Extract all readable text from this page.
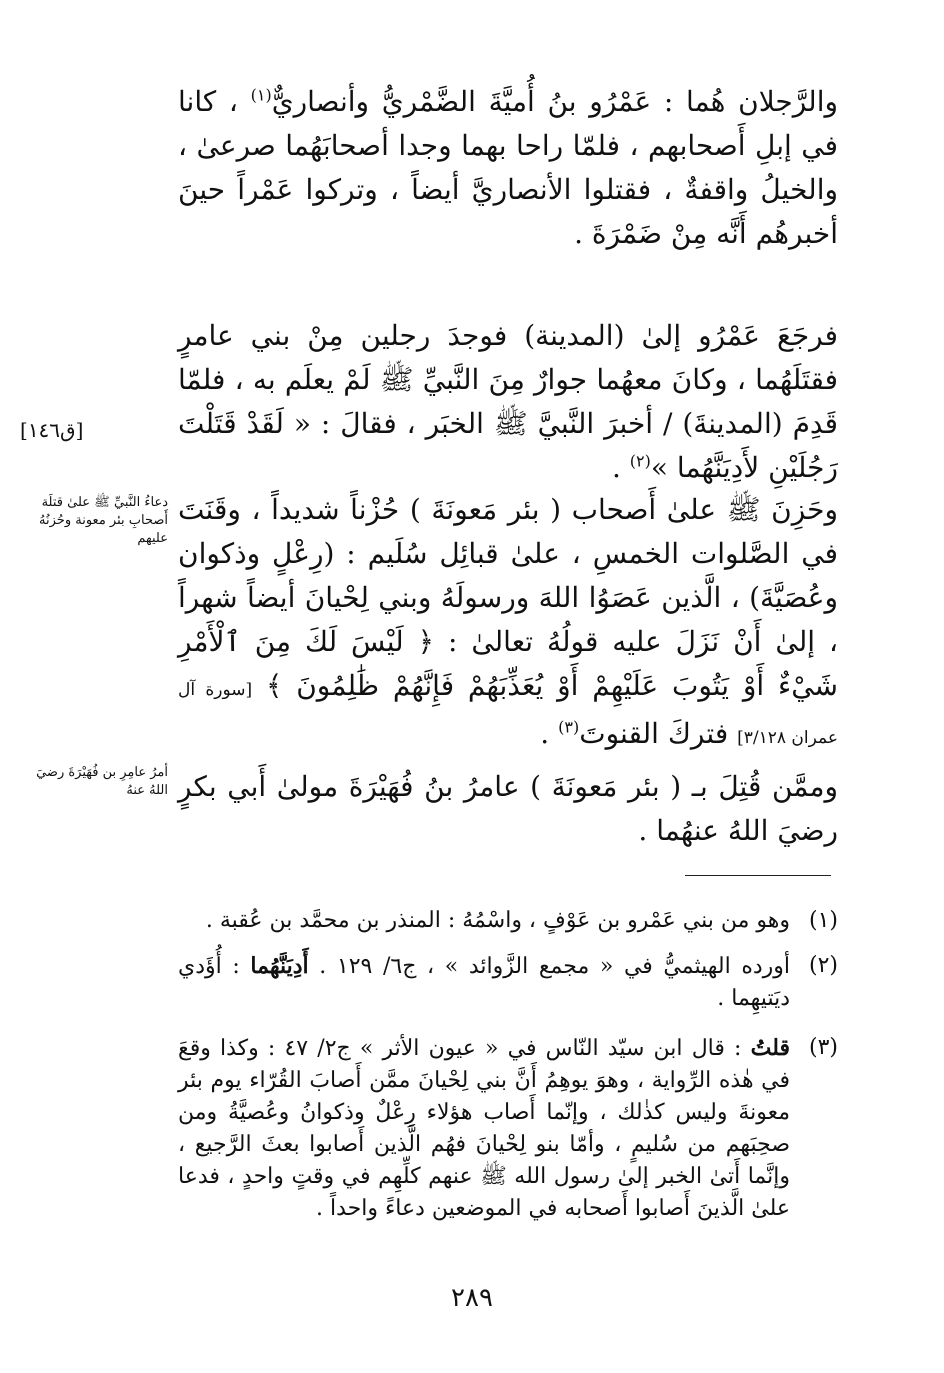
والرَّجلان هُما : عَمْرُو بنُ أُميَّةَ الضَّمْريُّ وأنصاريٌّ$^{(١)}$ ، كانا في إبلِ أَصحابهم ، فلمّا راحا بهما وجدا أصحابَهُما صرعىٰ ، والخيلُ واقفةٌ ، فقتلوا الأنصاريَّ أيضاً ، وتركوا عَمْراً حينَ أخبرهُم أَنَّه مِنْ ضَمْرَةَ .
فرجَعَ عَمْرُو إلىٰ (المدينة) فوجدَ رجلين مِنْ بني عامرٍ فقتَلَهُما ، وكانَ معهُما جوارٌ مِنَ النَّبيِّ ﷺ لَمْ يعلَم به ، فلمّا قَدِمَ (المدينةَ) / أخبرَ النَّبيَّ ﷺ الخبَر ، فقالَ : « لَقَدْ قَتَلْتَ رَجُلَيْنِ لأَدِيَنَّهُما »$^{(٢)}$ .
وحَزِنَ ﷺ علىٰ أَصحاب ( بئر مَعونَةَ ) حُزْناً شديداً ، وقَنَتَ في الصَّلوات الخمسِ ، علىٰ قبائِل سُلَيم : (رِعْلٍ وذكوان وعُصَيَّةَ) ، الَّذين عَصَوُا اللهَ ورسولَهُ وبني لِحْيانَ أيضاً شهراً ، إلىٰ أَنْ نَزَلَ عليه قولُهُ تعالىٰ : ﴿ لَيْسَ لَكَ مِنَ ٱلْأَمْرِ شَيْءٌ أَوْ يَتُوبَ عَلَيْهِمْ أَوْ يُعَذِّبَهُمْ فَإِنَّهُمْ ظَٰلِمُونَ ﴾ [سورة آل عمران ٣/١٢٨] فتركَ القنوتَ$^{(٣)}$ .
وممَّن قُتِلَ بـ ( بئر مَعونَةَ ) عامرُ بنُ فُهَيْرَةَ مولىٰ أَبي بكرٍ رضيَ اللهُ عنهُما .
[ق١٤٦]
دعاءُ النَّبيِّ ﷺ علىٰ قتلَة أَصحابِ بئر معونة وحُزنُهُ عليهم
أمرُ عامِرِ بن فُهَيْرَةَ رضيَ اللهُ عنهُ
(١)
وهو من بني عَمْرو بن عَوْفٍ ، واسْمُهُ : المنذر بن محمَّد بن عُقبة .
(٢)
أورده الهيثميُّ في « مجمع الزَّوائد » ، ج٦/ ١٢٩ . أَدِيَنَّهُما : أُؤَدي ديَتيهِما .
(٣)
قلتُ : قال ابن سيّد النّاس في « عيون الأثر » ج٢/ ٤٧ : وكذا وقعَ في هٰذه الرِّواية ، وهوَ يوهِمُ أَنَّ بني لِحْيانَ ممَّن أَصابَ القُرّاء يوم بئر معونةَ وليس كذٰلك ، وإنّما أَصاب هؤلاء رِعْلٌ وذكوانُ وعُصيَّةُ ومن صحِبَهم من سُليمٍ ، وأمّا بنو لِحْيانَ فهُم الَّذين أَصابوا بعثَ الرَّجيع ، وإنَّما أَتىٰ الخبر إلىٰ رسول الله ﷺ عنهم كلِّهِم في وقتٍ واحدٍ ، فدعا علىٰ الَّذينَ أَصابوا أَصحابه في الموضعين دعاءً واحداً .
٢٨٩
